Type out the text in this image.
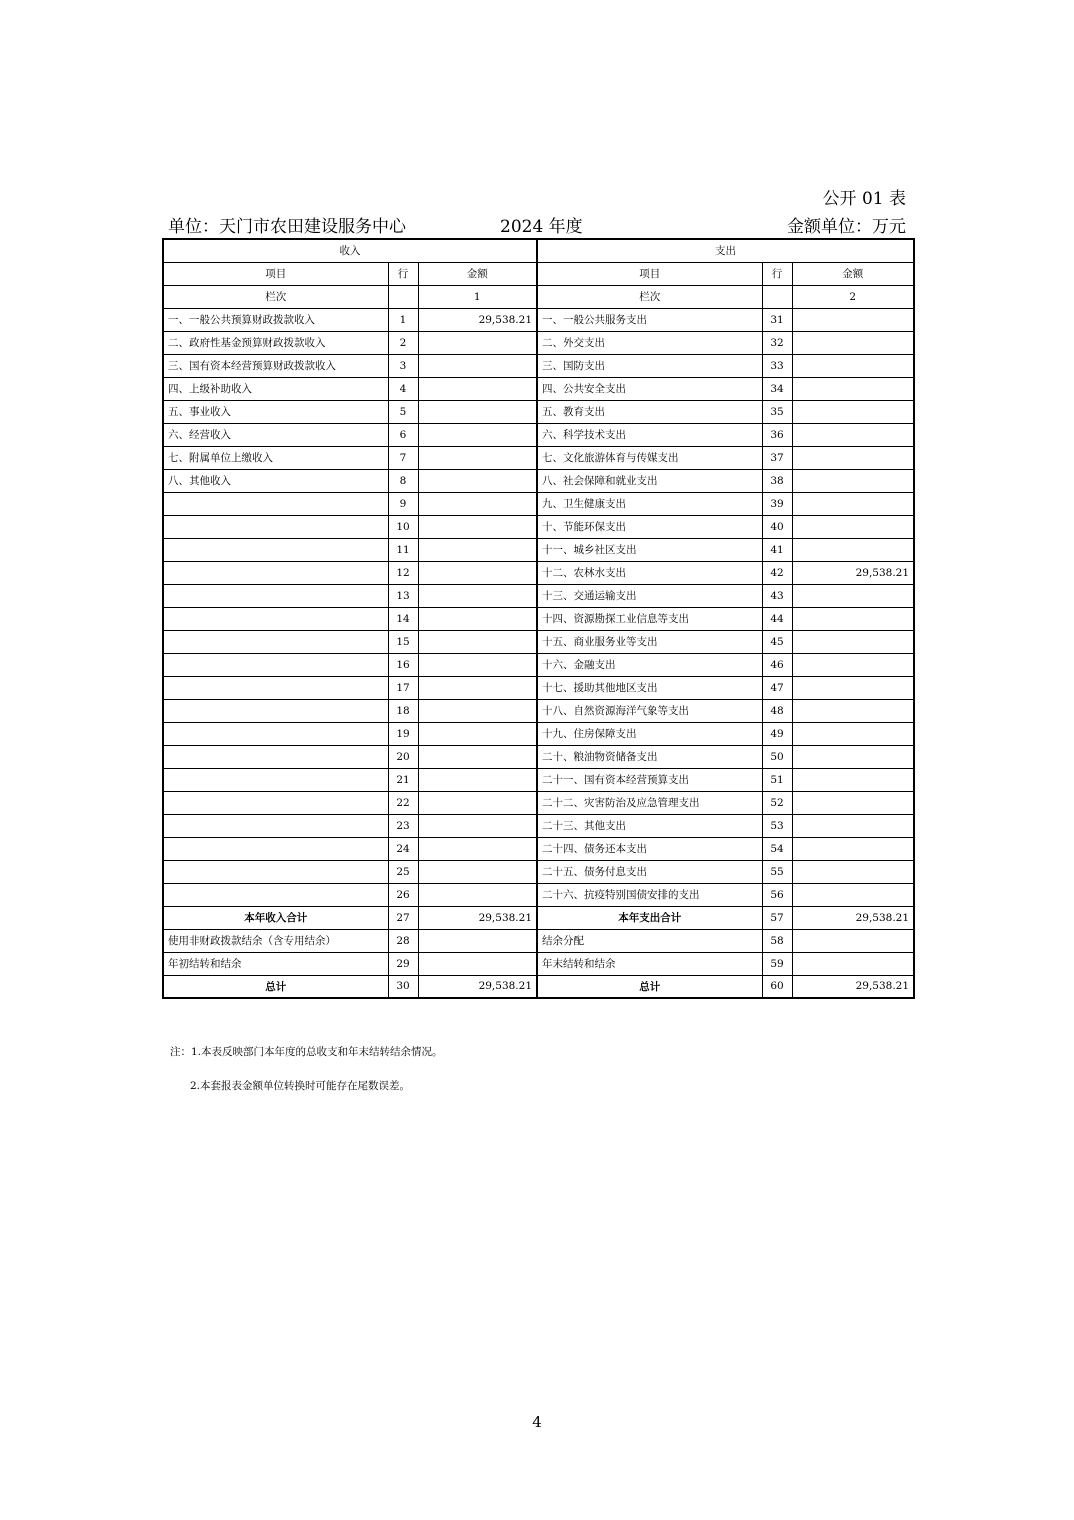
公开 01 表
单位：天门市农田建设服务中心	2024 年度	金额单位：万元
收入			支出		
项目	行	金额	项目	行	金额
栏次		1	栏次		2
一、一般公共预算财政拨款收入	1	29,538.21	一、一般公共服务支出	31	
二、政府性基金预算财政拨款收入	2		二、外交支出	32	
三、国有资本经营预算财政拨款收入	3		三、国防支出	33	
四、上级补助收入	4		四、公共安全支出	34	
五、事业收入	5		五、教育支出	35	
六、经营收入	6		六、科学技术支出	36	
七、附属单位上缴收入	7		七、文化旅游体育与传媒支出	37	
八、其他收入	8		八、社会保障和就业支出	38	
	9		九、卫生健康支出	39	
	10		十、节能环保支出	40	
	11		十一、城乡社区支出	41	
	12		十二、农林水支出	42	29,538.21
	13		十三、交通运输支出	43	
	14		十四、资源勘探工业信息等支出	44	
	15		十五、商业服务业等支出	45	
	16		十六、金融支出	46	
	17		十七、援助其他地区支出	47	
	18		十八、自然资源海洋气象等支出	48	
	19		十九、住房保障支出	49	
	20		二十、粮油物资储备支出	50	
	21		二十一、国有资本经营预算支出	51	
	22		二十二、灾害防治及应急管理支出	52	
	23		二十三、其他支出	53	
	24		二十四、债务还本支出	54	
	25		二十五、债务付息支出	55	
	26		二十六、抗疫特别国债安排的支出	56	
本年收入合计	27	29,538.21	本年支出合计	57	29,538.21
使用非财政拨款结余（含专用结余）	28		结余分配	58	
年初结转和结余	29		年末结转和结余	59	
总计	30	29,538.21	总计	60	29,538.21
注：1.本表反映部门本年度的总收支和年末结转结余情况。
2.本套报表金额单位转换时可能存在尾数误差。
4
